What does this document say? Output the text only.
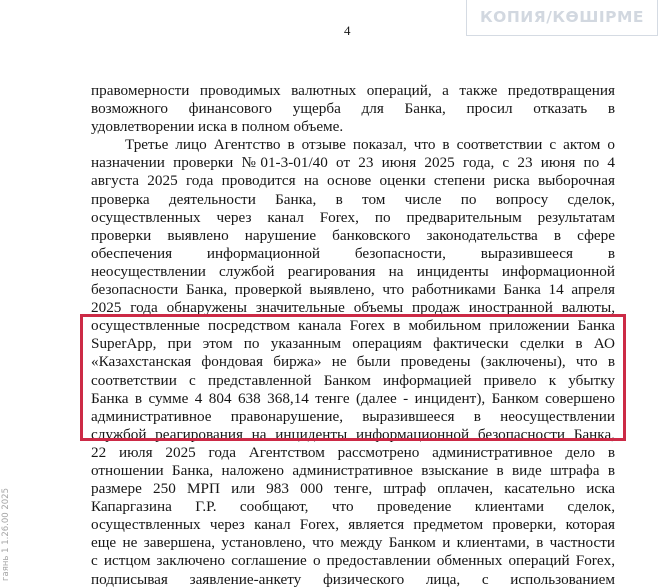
4
КОПИЯ/КӨШІРМЕ
гаянь 1 1.26.00 2025

правомерности проводимых валютных операций, а также предотвращения
возможного финансового ущерба для Банка, просил отказать в
удовлетворении иска в полном объеме.

Третье лицо Агентство в отзыве показал, что в соответствии с актом о
назначении проверки №01-3-01/40 от 23 июня 2025 года, с 23 июня по 4
августа 2025 года проводится на основе оценки степени риска выборочная
проверка деятельности Банка, в том числе по вопросу сделок,
осуществленных через канал Forex, по предварительным результатам
проверки выявлено нарушение банковского законодательства в сфере
обеспечения информационной безопасности, выразившееся в
неосуществлении службой реагирования на инциденты информационной
безопасности Банка, проверкой выявлено, что работниками Банка 14 апреля
2025 года обнаружены значительные объемы продаж иностранной валюты,
осуществленные посредством канала Forex в мобильном приложении Банка
SuperApp, при этом по указанным операциям фактически сделки в АО
«Казахстанская фондовая биржа» не были проведены (заключены), что в
соответствии с представленной Банком информацией привело к убытку
Банка в сумме 4 804 638 368,14 тенге (далее - инцидент), Банком совершено
административное правонарушение, выразившееся в неосуществлении
службой реагирования на инциденты информационной безопасности Банка,
22 июля 2025 года Агентством рассмотрено административное дело в
отношении Банка, наложено административное взыскание в виде штрафа в
размере 250 МРП или 983 000 тенге, штраф оплачен, касательно иска
Капаргазина Г.Р. сообщают, что проведение клиентами сделок,
осуществленных через канал Forex, является предметом проверки, которая
еще не завершена, установлено, что между Банком и клиентами, в частности
с истцом заключено соглашение о предоставлении обменных операций Forex,
подписывая заявление-анкету физического лица, с использованием
